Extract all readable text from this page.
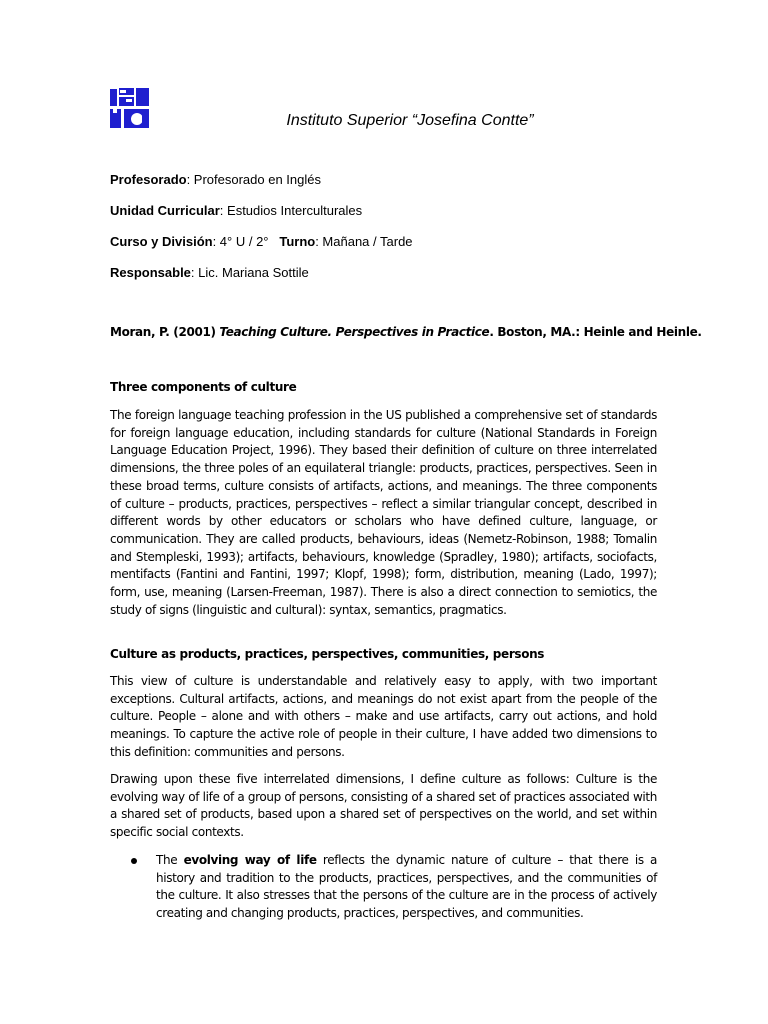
Instituto Superior “Josefina Contte”
Profesorado: Profesorado en Inglés
Unidad Curricular: Estudios Interculturales
Curso y División: 4° U / 2° Turno: Mañana / Tarde
Responsable: Lic. Mariana Sottile
Moran, P. (2001) Teaching Culture. Perspectives in Practice. Boston, MA.: Heinle and Heinle.
Three components of culture
The foreign language teaching profession in the US published a comprehensive set of standards for foreign language education, including standards for culture (National Standards in Foreign Language Education Project, 1996). They based their definition of culture on three interrelated dimensions, the three poles of an equilateral triangle: products, practices, perspectives. Seen in these broad terms, culture consists of artifacts, actions, and meanings. The three components of culture – products, practices, perspectives – reflect a similar triangular concept, described in different words by other educators or scholars who have defined culture, language, or communication. They are called products, behaviours, ideas (Nemetz-Robinson, 1988; Tomalin and Stempleski, 1993); artifacts, behaviours, knowledge (Spradley, 1980); artifacts, sociofacts, mentifacts (Fantini and Fantini, 1997; Klopf, 1998); form, distribution, meaning (Lado, 1997); form, use, meaning (Larsen-Freeman, 1987). There is also a direct connection to semiotics, the study of signs (linguistic and cultural): syntax, semantics, pragmatics.
Culture as products, practices, perspectives, communities, persons
This view of culture is understandable and relatively easy to apply, with two important exceptions. Cultural artifacts, actions, and meanings do not exist apart from the people of the culture. People – alone and with others – make and use artifacts, carry out actions, and hold meanings. To capture the active role of people in their culture, I have added two dimensions to this definition: communities and persons.
Drawing upon these five interrelated dimensions, I define culture as follows: Culture is the evolving way of life of a group of persons, consisting of a shared set of practices associated with a shared set of products, based upon a shared set of perspectives on the world, and set within specific social contexts.
The evolving way of life reflects the dynamic nature of culture – that there is a history and tradition to the products, practices, perspectives, and the communities of the culture. It also stresses that the persons of the culture are in the process of actively creating and changing products, practices, perspectives, and communities.
